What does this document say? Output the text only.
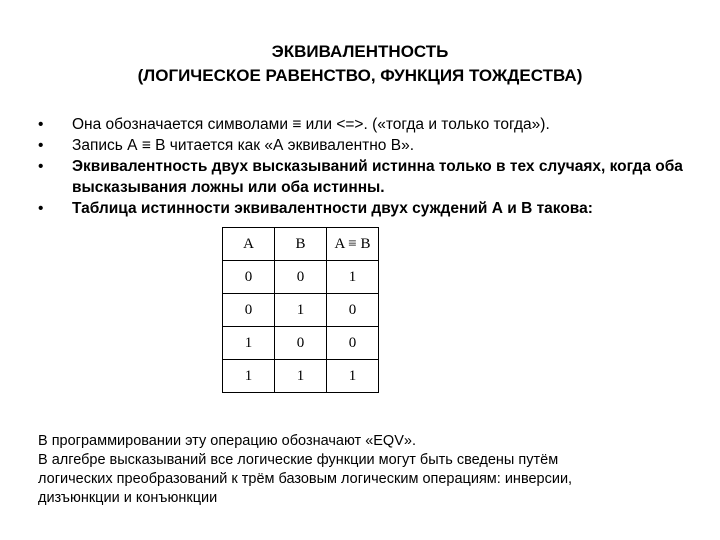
ЭКВИВАЛЕНТНОСТЬ
(ЛОГИЧЕСКОЕ РАВЕНСТВО, ФУНКЦИЯ ТОЖДЕСТВА)
•	Она обозначается символами ≡ или <=>. («тогда и только тогда»).
•	Запись А ≡ В читается как «А эквивалентно В».
•	Эквивалентность двух высказываний истинна только в тех случаях, когда оба высказывания ложны или оба истинны.
•	Таблица истинности эквивалентности двух суждений А и В такова:
A	B	A ≡ B
0	0	1
0	1	0
1	0	0
1	1	1
В программировании эту операцию обозначают «EQV».
В алгебре высказываний все логические функции могут быть сведены путём
логических преобразований к трём базовым логическим операциям: инверсии,
дизъюнкции и конъюнкции
